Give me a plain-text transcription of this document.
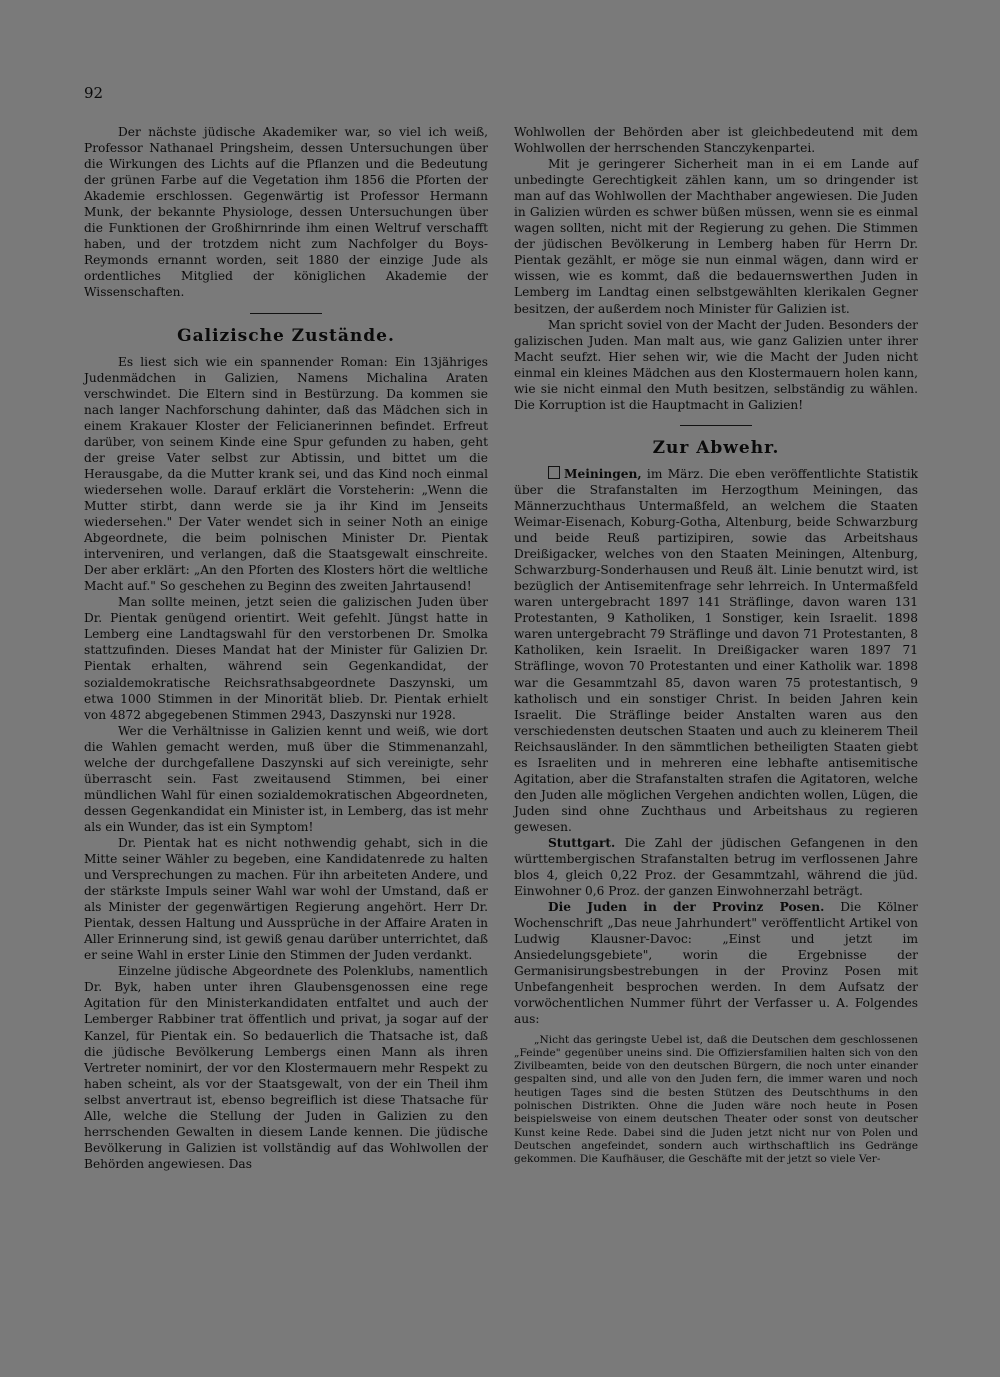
92

Der nächste jüdische Akademiker war, so viel ich weiß, Professor Nathanael Pringsheim, dessen Untersuchungen über die Wirkungen des Lichts auf die Pflanzen und die Bedeutung der grünen Farbe auf die Vegetation ihm 1856 die Pforten der Akademie erschlossen. Gegenwärtig ist Professor Hermann Munk, der bekannte Physiologe, dessen Untersuchungen über die Funktionen der Großhirnrinde ihm einen Weltruf verschafft haben, und der trotzdem nicht zum Nachfolger du Boys-Reymonds ernannt worden, seit 1880 der einzige Jude als ordentliches Mitglied der königlichen Akademie der Wissenschaften.

Galizische Zustände.

Es liest sich wie ein spannender Roman: Ein 13jähriges Judenmädchen in Galizien, Namens Michalina Araten verschwindet. Die Eltern sind in Bestürzung. Da kommen sie nach langer Nachforschung dahinter, daß das Mädchen sich in einem Krakauer Kloster der Felicianerinnen befindet. Erfreut darüber, von seinem Kinde eine Spur gefunden zu haben, geht der greise Vater selbst zur Abtissin, und bittet um die Herausgabe, da die Mutter krank sei, und das Kind noch einmal wiedersehen wolle. Darauf erklärt die Vorsteherin: „Wenn die Mutter stirbt, dann werde sie ja ihr Kind im Jenseits wiedersehen." Der Vater wendet sich in seiner Noth an einige Abgeordnete, die beim polnischen Minister Dr. Pientak interveniren, und verlangen, daß die Staatsgewalt einschreite. Der aber erklärt: „An den Pforten des Klosters hört die weltliche Macht auf." So geschehen zu Beginn des zweiten Jahrtausend!

Man sollte meinen, jetzt seien die galizischen Juden über Dr. Pientak genügend orientirt. Weit gefehlt. Jüngst hatte in Lemberg eine Landtagswahl für den verstorbenen Dr. Smolka stattzufinden. Dieses Mandat hat der Minister für Galizien Dr. Pientak erhalten, während sein Gegenkandidat, der sozialdemokratische Reichsrathsabgeordnete Daszynski, um etwa 1000 Stimmen in der Minorität blieb. Dr. Pientak erhielt von 4872 abgegebenen Stimmen 2943, Daszynski nur 1928.

Wer die Verhältnisse in Galizien kennt und weiß, wie dort die Wahlen gemacht werden, muß über die Stimmenanzahl, welche der durchgefallene Daszynski auf sich vereinigte, sehr überrascht sein. Fast zweitausend Stimmen, bei einer mündlichen Wahl für einen sozialdemokratischen Abgeordneten, dessen Gegenkandidat ein Minister ist, in Lemberg, das ist mehr als ein Wunder, das ist ein Symptom!

Dr. Pientak hat es nicht nothwendig gehabt, sich in die Mitte seiner Wähler zu begeben, eine Kandidatenrede zu halten und Versprechungen zu machen. Für ihn arbeiteten Andere, und der stärkste Impuls seiner Wahl war wohl der Umstand, daß er als Minister der gegenwärtigen Regierung angehört. Herr Dr. Pientak, dessen Haltung und Aussprüche in der Affaire Araten in Aller Erinnerung sind, ist gewiß genau darüber unterrichtet, daß er seine Wahl in erster Linie den Stimmen der Juden verdankt.

Einzelne jüdische Abgeordnete des Polenklubs, namentlich Dr. Byk, haben unter ihren Glaubensgenossen eine rege Agitation für den Ministerkandidaten entfaltet und auch der Lemberger Rabbiner trat öffentlich und privat, ja sogar auf der Kanzel, für Pientak ein. So bedauerlich die Thatsache ist, daß die jüdische Bevölkerung Lembergs einen Mann als ihren Vertreter nominirt, der vor den Klostermauern mehr Respekt zu haben scheint, als vor der Staatsgewalt, von der ein Theil ihm selbst anvertraut ist, ebenso begreiflich ist diese Thatsache für Alle, welche die Stellung der Juden in Galizien zu den herrschenden Gewalten in diesem Lande kennen. Die jüdische Bevölkerung in Galizien ist vollständig auf das Wohlwollen der Behörden angewiesen. Das

Wohlwollen der Behörden aber ist gleichbedeutend mit dem Wohlwollen der herrschenden Stanczykenpartei.

Mit je geringerer Sicherheit man in ei em Lande auf unbedingte Gerechtigkeit zählen kann, um so dringender ist man auf das Wohlwollen der Machthaber angewiesen. Die Juden in Galizien würden es schwer büßen müssen, wenn sie es einmal wagen sollten, nicht mit der Regierung zu gehen. Die Stimmen der jüdischen Bevölkerung in Lemberg haben für Herrn Dr. Pientak gezählt, er möge sie nun einmal wägen, dann wird er wissen, wie es kommt, daß die bedauernswerthen Juden in Lemberg im Landtag einen selbstgewählten klerikalen Gegner besitzen, der außerdem noch Minister für Galizien ist.

Man spricht soviel von der Macht der Juden. Besonders der galizischen Juden. Man malt aus, wie ganz Galizien unter ihrer Macht seufzt. Hier sehen wir, wie die Macht der Juden nicht einmal ein kleines Mädchen aus den Klostermauern holen kann, wie sie nicht einmal den Muth besitzen, selbständig zu wählen. Die Korruption ist die Hauptmacht in Galizien!

Zur Abwehr.

Meiningen, im März. Die eben veröffentlichte Statistik über die Strafanstalten im Herzogthum Meiningen, das Männerzuchthaus Untermaßfeld, an welchem die Staaten Weimar-Eisenach, Koburg-Gotha, Altenburg, beide Schwarzburg und beide Reuß partizipiren, sowie das Arbeitshaus Dreißigacker, welches von den Staaten Meiningen, Altenburg, Schwarzburg-Sonderhausen und Reuß ält. Linie benutzt wird, ist bezüglich der Antisemitenfrage sehr lehrreich. In Untermaßfeld waren untergebracht 1897 141 Sträflinge, davon waren 131 Protestanten, 9 Katholiken, 1 Sonstiger, kein Israelit. 1898 waren untergebracht 79 Sträflinge und davon 71 Protestanten, 8 Katholiken, kein Israelit. In Dreißigacker waren 1897 71 Sträflinge, wovon 70 Protestanten und einer Katholik war. 1898 war die Gesammtzahl 85, davon waren 75 protestantisch, 9 katholisch und ein sonstiger Christ. In beiden Jahren kein Israelit. Die Sträflinge beider Anstalten waren aus den verschiedensten deutschen Staaten und auch zu kleinerem Theil Reichsausländer. In den sämmtlichen betheiligten Staaten giebt es Israeliten und in mehreren eine lebhafte antisemitische Agitation, aber die Strafanstalten strafen die Agitatoren, welche den Juden alle möglichen Vergehen andichten wollen, Lügen, die Juden sind ohne Zuchthaus und Arbeitshaus zu regieren gewesen.

Stuttgart. Die Zahl der jüdischen Gefangenen in den württembergischen Strafanstalten betrug im verflossenen Jahre blos 4, gleich 0,22 Proz. der Gesammtzahl, während die jüd. Einwohner 0,6 Proz. der ganzen Einwohnerzahl beträgt.

Die Juden in der Provinz Posen. Die Kölner Wochenschrift „Das neue Jahrhundert" veröffentlicht Artikel von Ludwig Klausner-Davoc: „Einst und jetzt im Ansiedelungsgebiete", worin die Ergebnisse der Germanisirungsbestrebungen in der Provinz Posen mit Unbefangenheit besprochen werden. In dem Aufsatz der vorwöchentlichen Nummer führt der Verfasser u. A. Folgendes aus:

„Nicht das geringste Uebel ist, daß die Deutschen dem geschlossenen „Feinde" gegenüber uneins sind. Die Offiziersfamilien halten sich von den Zivilbeamten, beide von den deutschen Bürgern, die noch unter einander gespalten sind, und alle von den Juden fern, die immer waren und noch heutigen Tages sind die besten Stützen des Deutschthums in den polnischen Distrikten. Ohne die Juden wäre noch heute in Posen beispielsweise von einem deutschen Theater oder sonst von deutscher Kunst keine Rede. Dabei sind die Juden jetzt nicht nur von Polen und Deutschen angefeindet, sondern auch wirthschaftlich ins Gedränge gekommen. Die Kaufhäuser, die Geschäfte mit der jetzt so viele Ver-
